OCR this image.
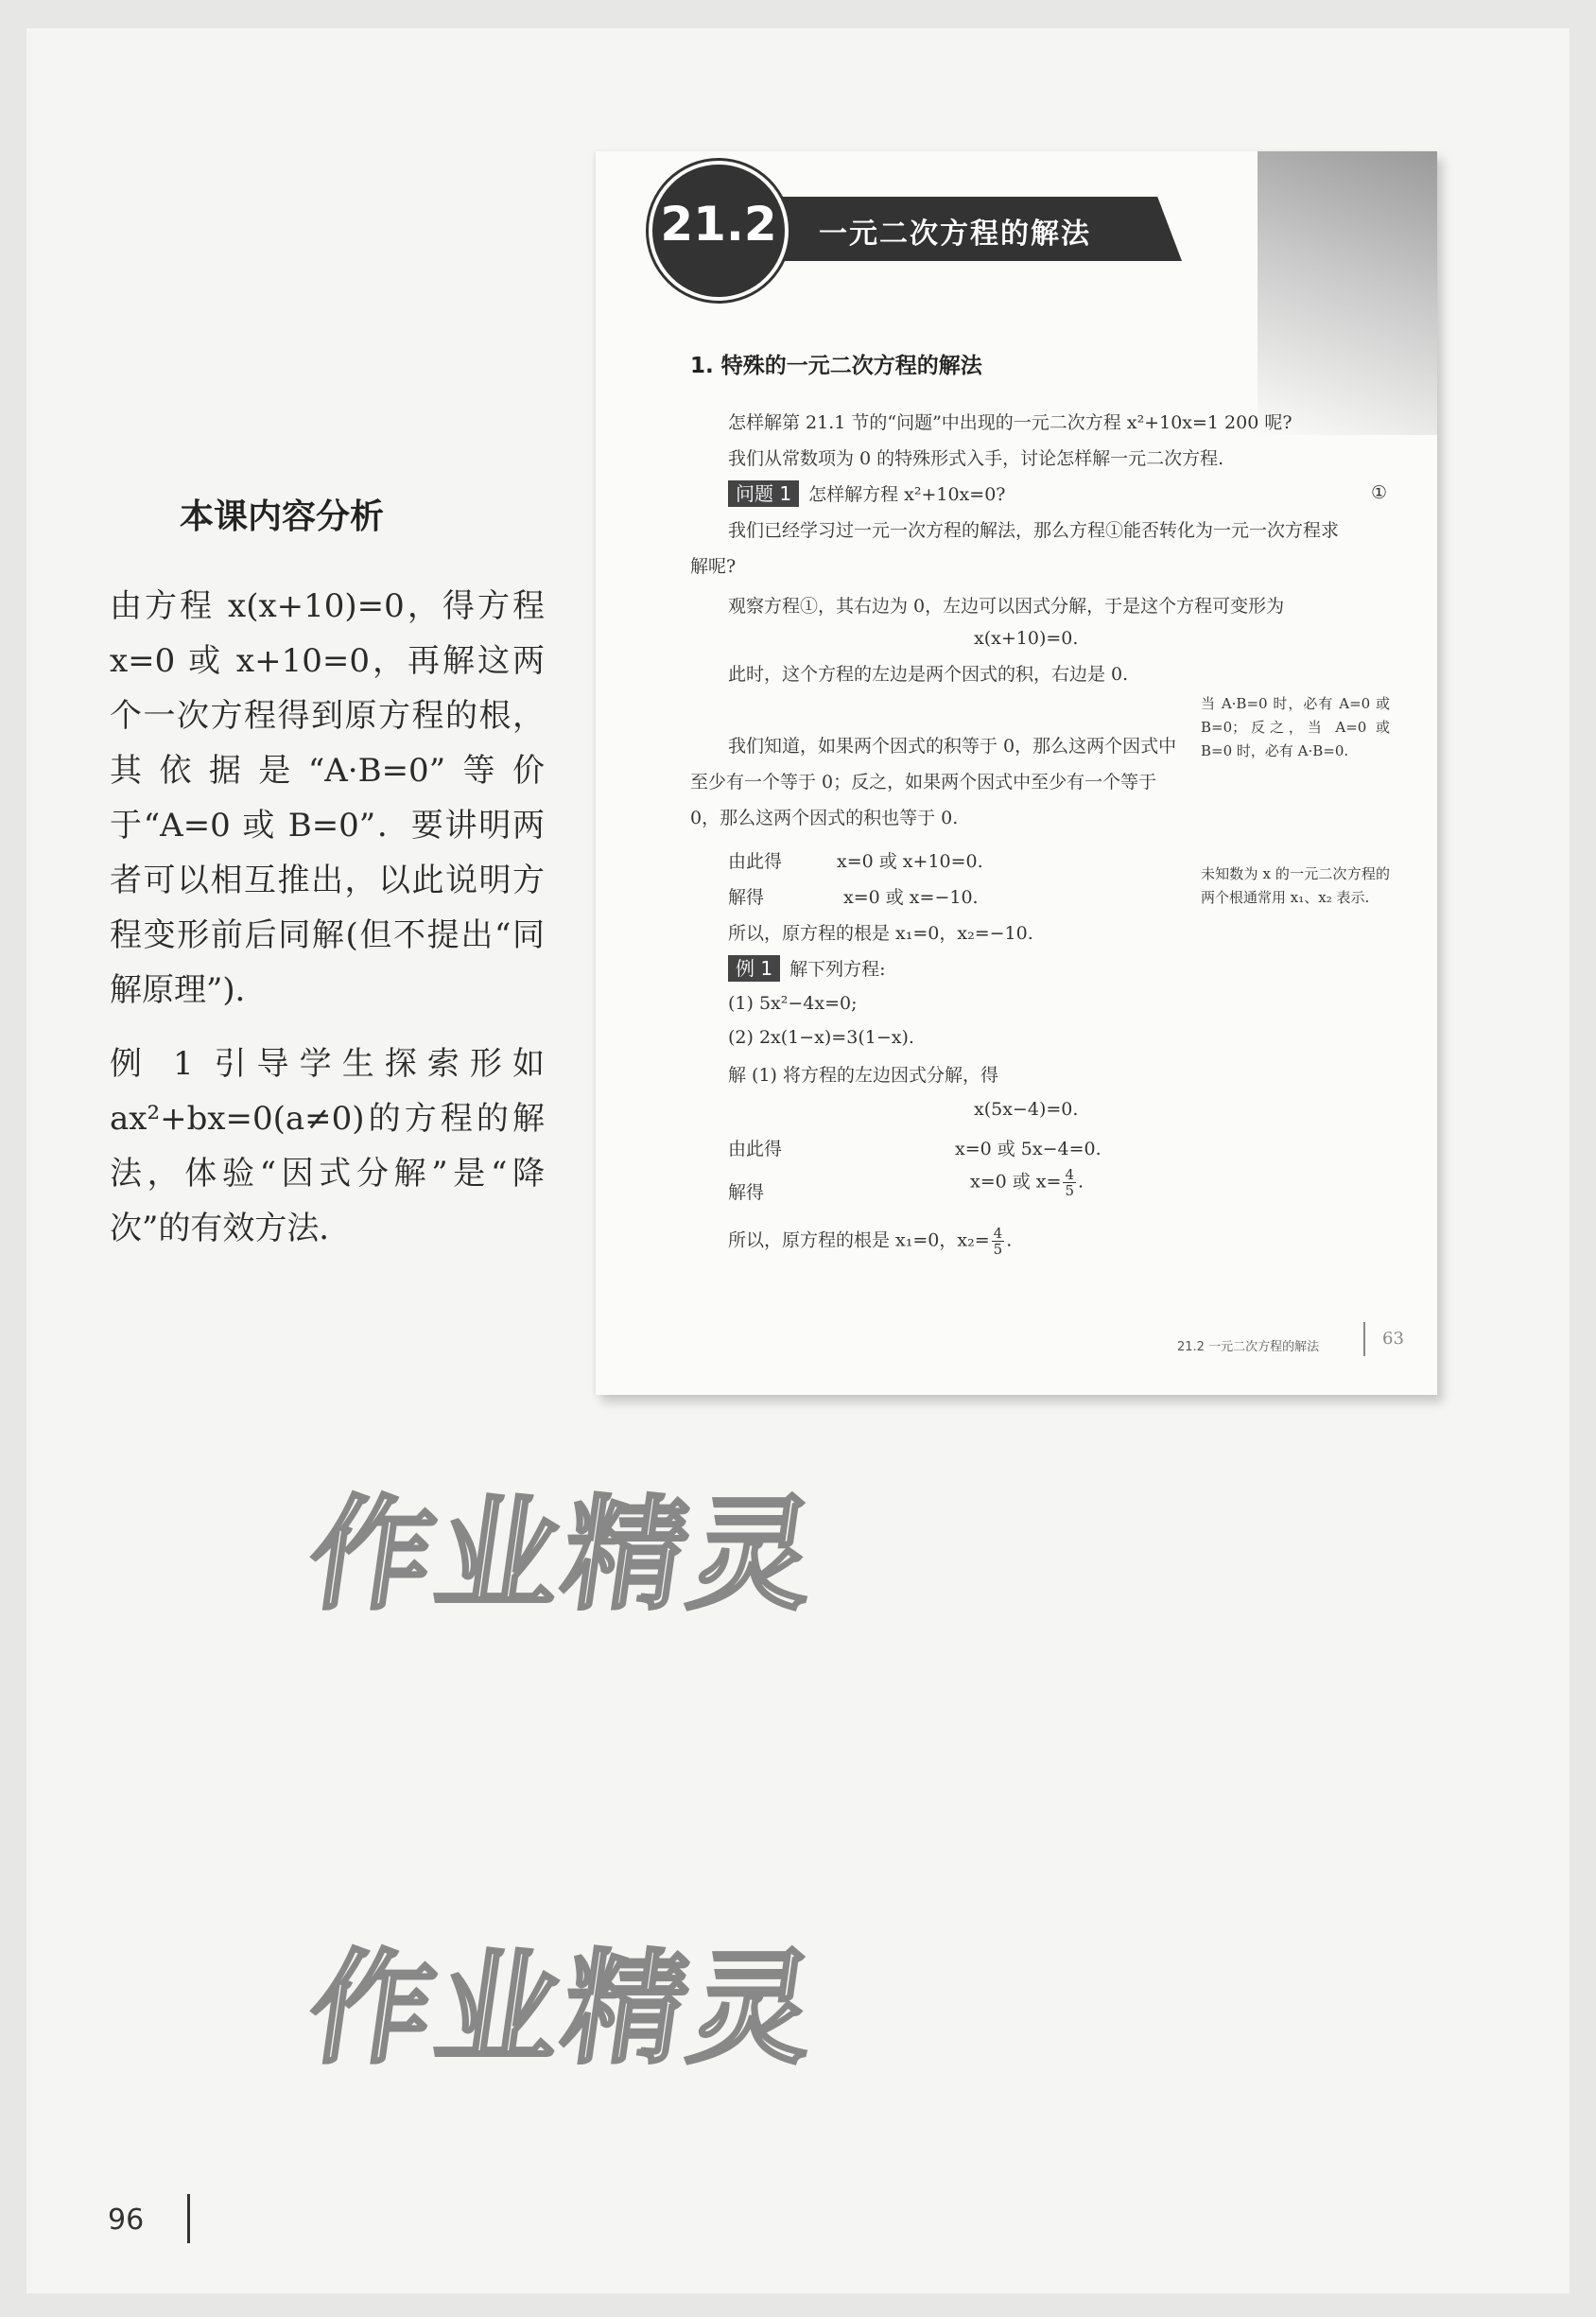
本课内容分析
由方程 x(x+10)=0，得方程 x=0 或 x+10=0，再解这两个一次方程得到原方程的根，其依据是“A·B=0”等价于“A=0 或 B=0”．要讲明两者可以相互推出，以此说明方程变形前后同解(但不提出“同解原理”)．
例 1 引导学生探索形如 ax²+bx=0(a≠0)的方程的解法，体验“因式分解”是“降次”的有效方法．
21.2	一元二次方程的解法
1. 特殊的一元二次方程的解法
怎样解第 21.1 节的“问题”中出现的一元二次方程 x²+10x=1 200 呢?
我们从常数项为 0 的特殊形式入手，讨论怎样解一元二次方程.
问题 1 怎样解方程 x²+10x=0?	①
我们已经学习过一元一次方程的解法，那么方程①能否转化为一元一次方程求解呢?
观察方程①，其右边为 0，左边可以因式分解，于是这个方程可变形为
x(x+10)=0.
此时，这个方程的左边是两个因式的积，右边是 0.
我们知道，如果两个因式的积等于 0，那么这两个因式中至少有一个等于 0；反之，如果两个因式中至少有一个等于 0，那么这两个因式的积也等于 0.
当 A·B=0 时，必有 A=0 或 B=0；反之，当 A=0 或 B=0 时，必有 A·B=0.
未知数为 x 的一元二次方程的两个根通常用 x₁、x₂ 表示.
由此得	x=0 或 x+10=0.
解得	x=0 或 x=−10.
所以，原方程的根是 x₁=0，x₂=−10.
例 1 解下列方程:
(1) 5x²−4x=0;
(2) 2x(1−x)=3(1−x).
解 (1) 将方程的左边因式分解，得
x(5x−4)=0.
由此得	x=0 或 5x−4=0.
解得
x=0 或 $x= \frac{4}{5}$ .
所以，原方程的根是 x₁=0，$x_2= \frac{4}{5}$ .
21.2 一元二次方程的解法	63
作业精灵
作业精灵
96
